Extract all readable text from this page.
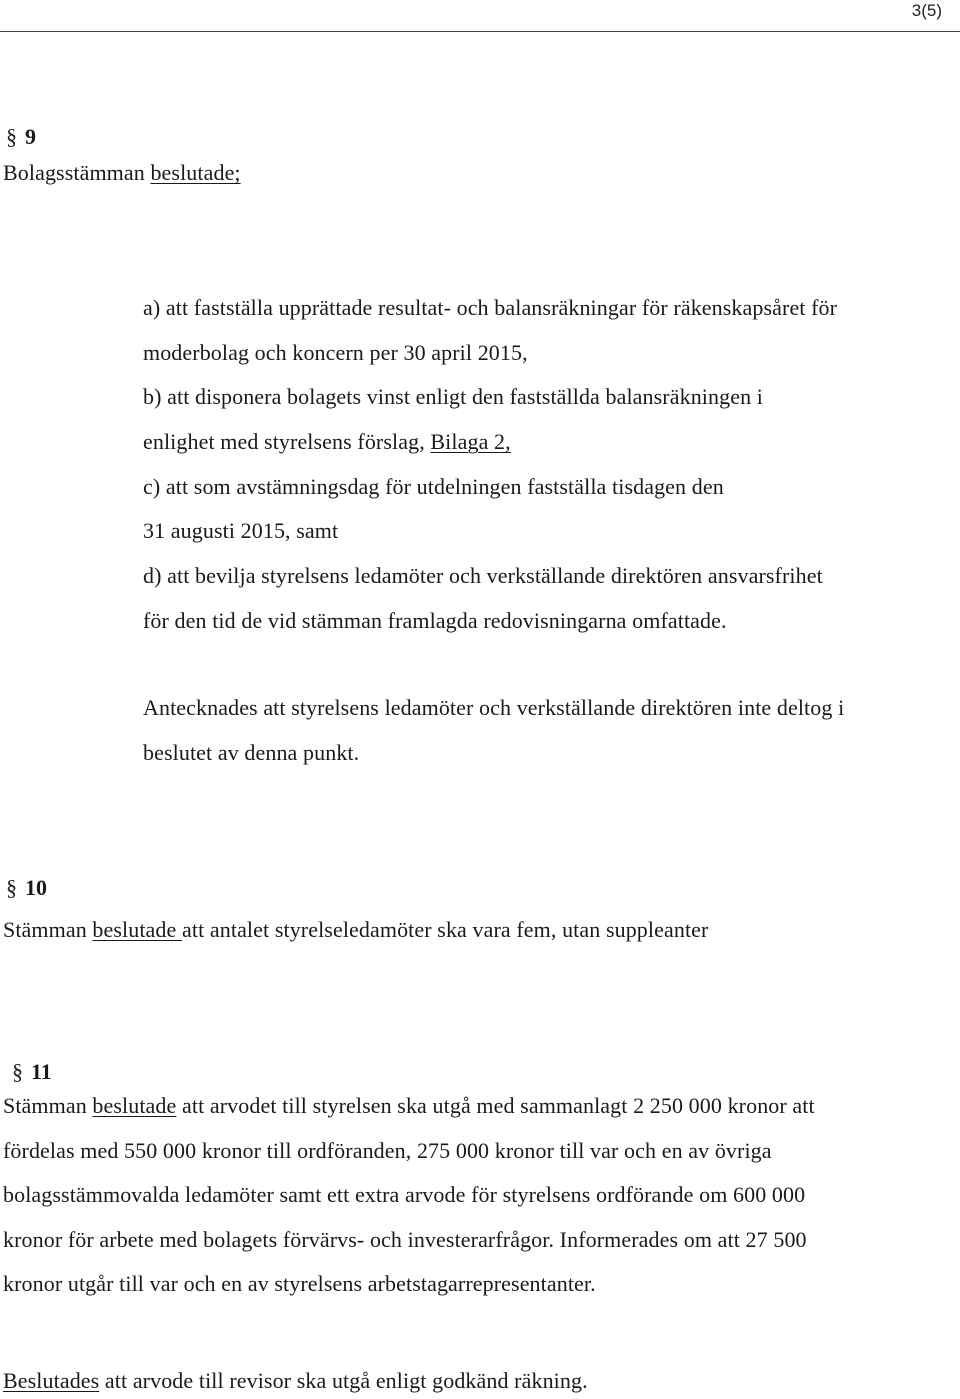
3(5)
§ 9
Bolagsstämman beslutade;
a) att fastställa upprättade resultat- och balansräkningar för räkenskapsåret för
moderbolag och koncern per 30 april 2015,
b) att disponera bolagets vinst enligt den fastställda balansräkningen i
enlighet med styrelsens förslag, Bilaga 2,
c) att som avstämningsdag för utdelningen fastställa tisdagen den
31 augusti 2015, samt
d) att bevilja styrelsens ledamöter och verkställande direktören ansvarsfrihet
för den tid de vid stämman framlagda redovisningarna omfattade.
Antecknades att styrelsens ledamöter och verkställande direktören inte deltog i
beslutet av denna punkt.
§ 10
Stämman beslutade att antalet styrelseledamöter ska vara fem, utan suppleanter
§ 11
Stämman beslutade att arvodet till styrelsen ska utgå med sammanlagt 2 250 000 kronor att
fördelas med 550 000 kronor till ordföranden, 275 000 kronor till var och en av övriga
bolagsstämmovalda ledamöter samt ett extra arvode för styrelsens ordförande om 600 000
kronor för arbete med bolagets förvärvs- och investerarfrågor. Informerades om att 27 500
kronor utgår till var och en av styrelsens arbetstagarrepresentanter.
Beslutades att arvode till revisor ska utgå enligt godkänd räkning.
